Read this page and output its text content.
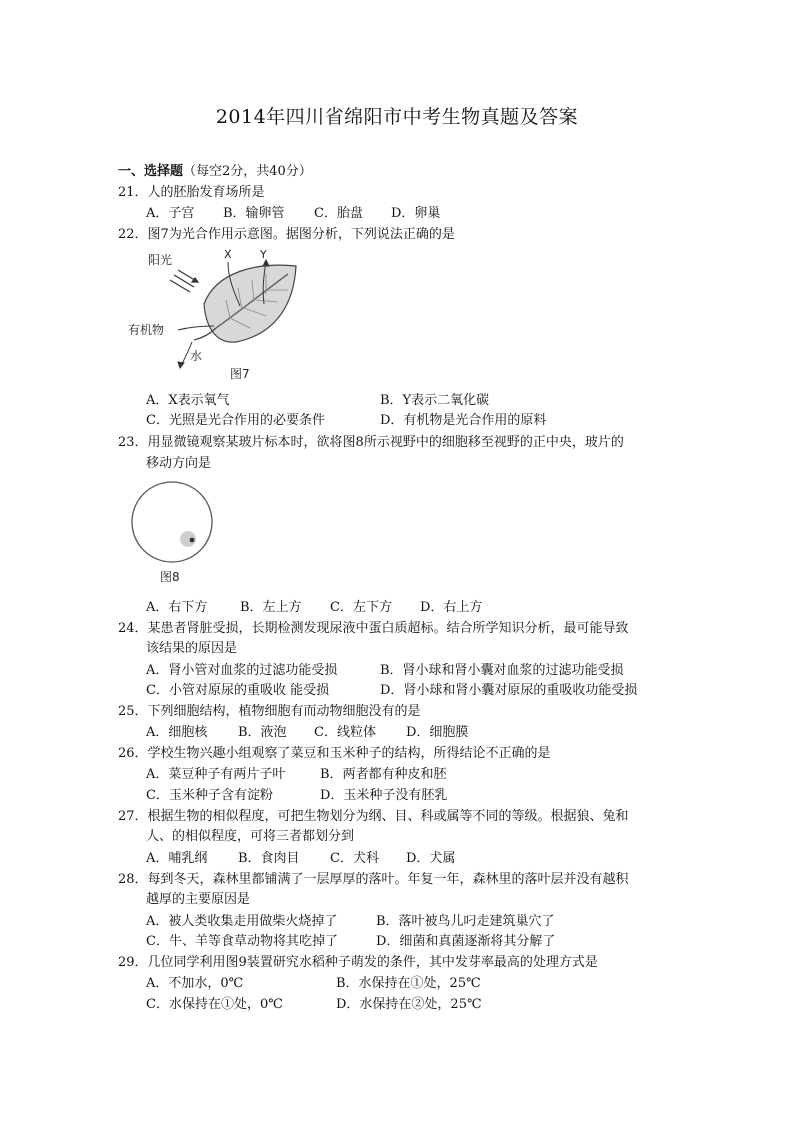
2014年四川省绵阳市中考生物真题及答案
一、选择题（每空2分，共40分）
21．人的胚胎发育场所是
A．子宫 B．输卵管 C．胎盘 D．卵巢
22．图7为光合作用示意图。据图分析，下列说法正确的是
阳光	X	Y
有机物
水
图7
A．X表示氧气	B．Y表示二氧化碳
C．光照是光合作用的必要条件	D．有机物是光合作用的原料
23．用显微镜观察某玻片标本时，欲将图8所示视野中的细胞移至视野的正中央，玻片的
移动方向是
图8
A．右下方	B．左上方 C．左下方 D．右上方
24．某患者肾脏受损，长期检测发现尿液中蛋白质超标。结合所学知识分析，最可能导致
该结果的原因是
A．肾小管对血浆的过滤功能受损	B．肾小球和肾小囊对血浆的过滤功能受损
C．小管对原尿的重吸收 能受损	D．肾小球和肾小囊对原尿的重吸收功能受损
25．下列细胞结构，植物细胞有而动物细胞没有的是
A．细胞核 B．液泡 C．线粒体 D．细胞膜
26．学校生物兴趣小组观察了菜豆和玉米种子的结构，所得结论不正确的是
A．菜豆种子有两片子叶	B．两者都有种皮和胚
C．玉米种子含有淀粉	D．玉米种子没有胚乳
27．根据生物的相似程度，可把生物划分为纲、目、科或属等不同的等级。根据狼、兔和
人、的相似程度，可将三者都划分到
A．哺乳纲 B．食肉目 C．犬科 D．犬属
28．每到冬天，森林里都铺满了一层厚厚的落叶。年复一年，森林里的落叶层并没有越积
越厚的主要原因是
A．被人类收集走用做柴火烧掉了	B．落叶被鸟儿叼走建筑巢穴了
C．牛、羊等食草动物将其吃掉了	D．细菌和真菌逐渐将其分解了
29．几位同学利用图9装置研究水稻种子萌发的条件，其中发芽率最高的处理方式是
A．不加水，0℃	B．水保持在①处，25℃
C．水保持在①处，0℃	D．水保持在②处，25℃
